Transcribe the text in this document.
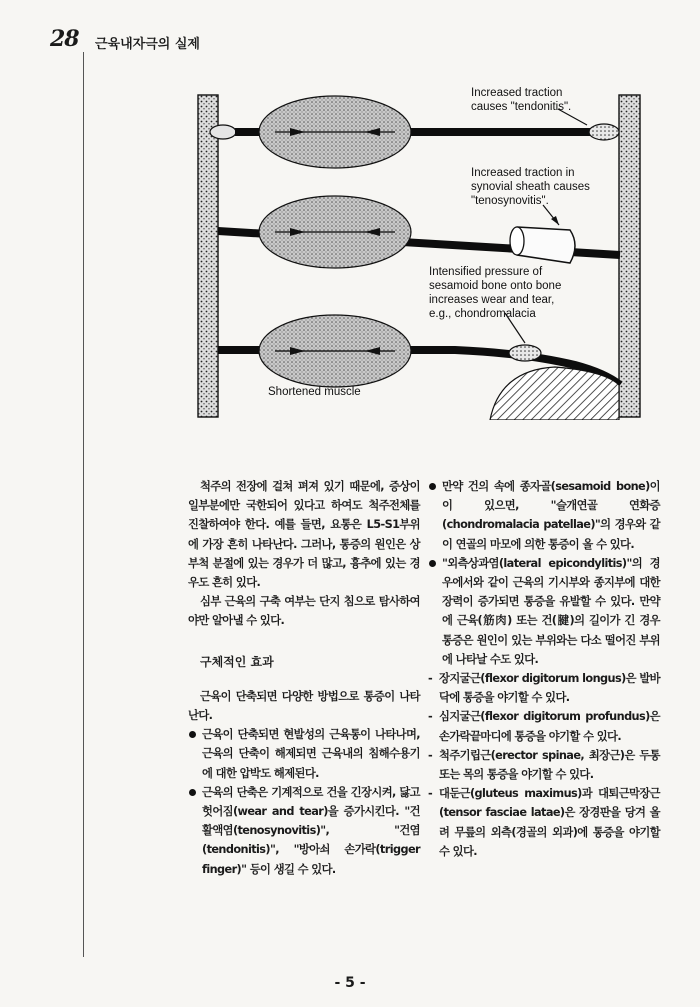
28 근육내자극의 실제
Increased traction
causes "tendonitis".
Increased traction in
synovial sheath causes
"tenosynovitis".
Intensified pressure of
sesamoid bone onto bone
increases wear and tear,
e.g., chondromalacia
Shortened muscle

척주의 전장에 걸쳐 펴져 있기 때문에, 증상이 일부분에만 국한되어 있다고 하여도 척주전체를 진찰하여야 한다. 예를 들면, 요통은 L5-S1부위에 가장 흔히 나타난다. 그러나, 통증의 원인은 상부척 분절에 있는 경우가 더 많고, 흉추에 있는 경우도 흔히 있다.

심부 근육의 구축 여부는 단지 침으로 탐사하여야만 알아낼 수 있다.

구체적인 효과

근육이 단축되면 다양한 방법으로 통증이 나타난다.

근육이 단축되면 현발성의 근육통이 나타나며, 근육의 단축이 해제되면 근육내의 침해수용기에 대한 압박도 해제된다.

근육의 단축은 기계적으로 건을 긴장시켜, 닳고 헛어짐(wear and tear)을 증가시킨다. "건활액염(tenosynovitis)", "건염(tendonitis)", "방아쇠 손가락(trigger finger)" 등이 생길 수 있다.

만약 건의 속에 종자골(sesamoid bone)이 이 있으면, "슬개연골 연화증(chondromalacia patellae)"의 경우와 같이 연골의 마모에 의한 통증이 올 수 있다.

"외측상과염(lateral epicondylitis)"의 경우에서와 같이 근육의 기시부와 종지부에 대한 장력이 증가되면 통증을 유발할 수 있다. 만약에 근육(筋肉) 또는 건(腱)의 길이가 긴 경우 통증은 원인이 있는 부위와는 다소 떨어진 부위에 나타날 수도 있다.

- 장지굴근(flexor digitorum longus)은 발바닥에 통증을 야기할 수 있다.

- 심지굴근(flexor digitorum profundus)은 손가락끝마디에 통증을 야기할 수 있다.

- 척주기립근(erector spinae, 최장근)은 두통 또는 목의 통증을 야기할 수 있다.

- 대둔근(gluteus maximus)과 대퇴근막장근(tensor fasciae latae)은 장경판을 당겨 올려 무릎의 외측(경골의 외과)에 통증을 야기할 수 있다.

- 5 -
